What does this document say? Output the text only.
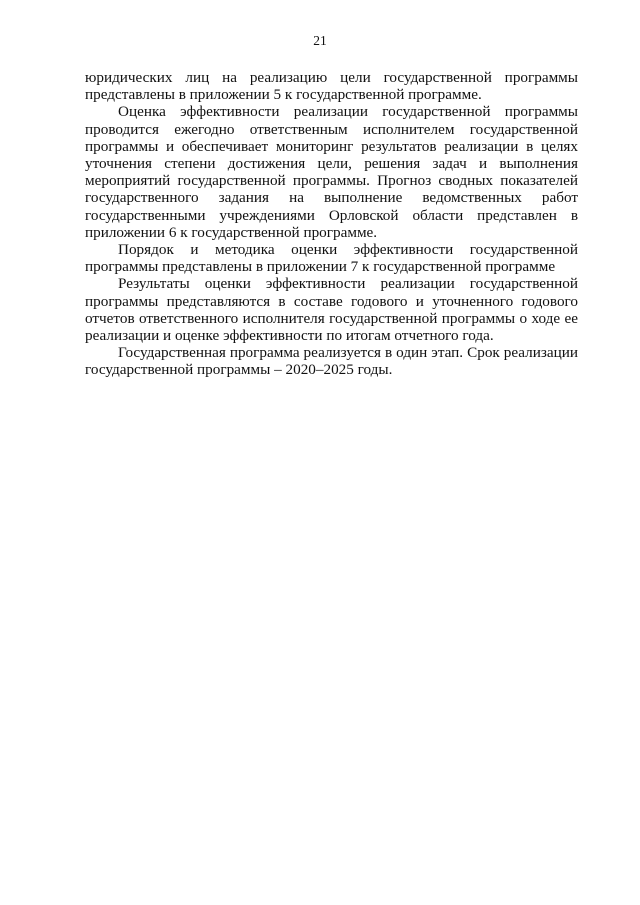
21

юридических лиц на реализацию цели государственной программы представлены в приложении 5 к государственной программе.

Оценка эффективности реализации государственной программы проводится ежегодно ответственным исполнителем государственной программы и обеспечивает мониторинг результатов реализации в целях уточнения степени достижения цели, решения задач и выполнения мероприятий государственной программы. Прогноз сводных показателей государственного задания на выполнение ведомственных работ государственными учреждениями Орловской области представлен в приложении 6 к государственной программе.

Порядок и методика оценки эффективности государственной программы представлены в приложении 7 к государственной программе

Результаты оценки эффективности реализации государственной программы представляются в составе годового и уточненного годового отчетов ответственного исполнителя государственной программы о ходе ее реализации и оценке эффективности по итогам отчетного года.

Государственная программа реализуется в один этап. Срок реализации государственной программы – 2020–2025 годы.
